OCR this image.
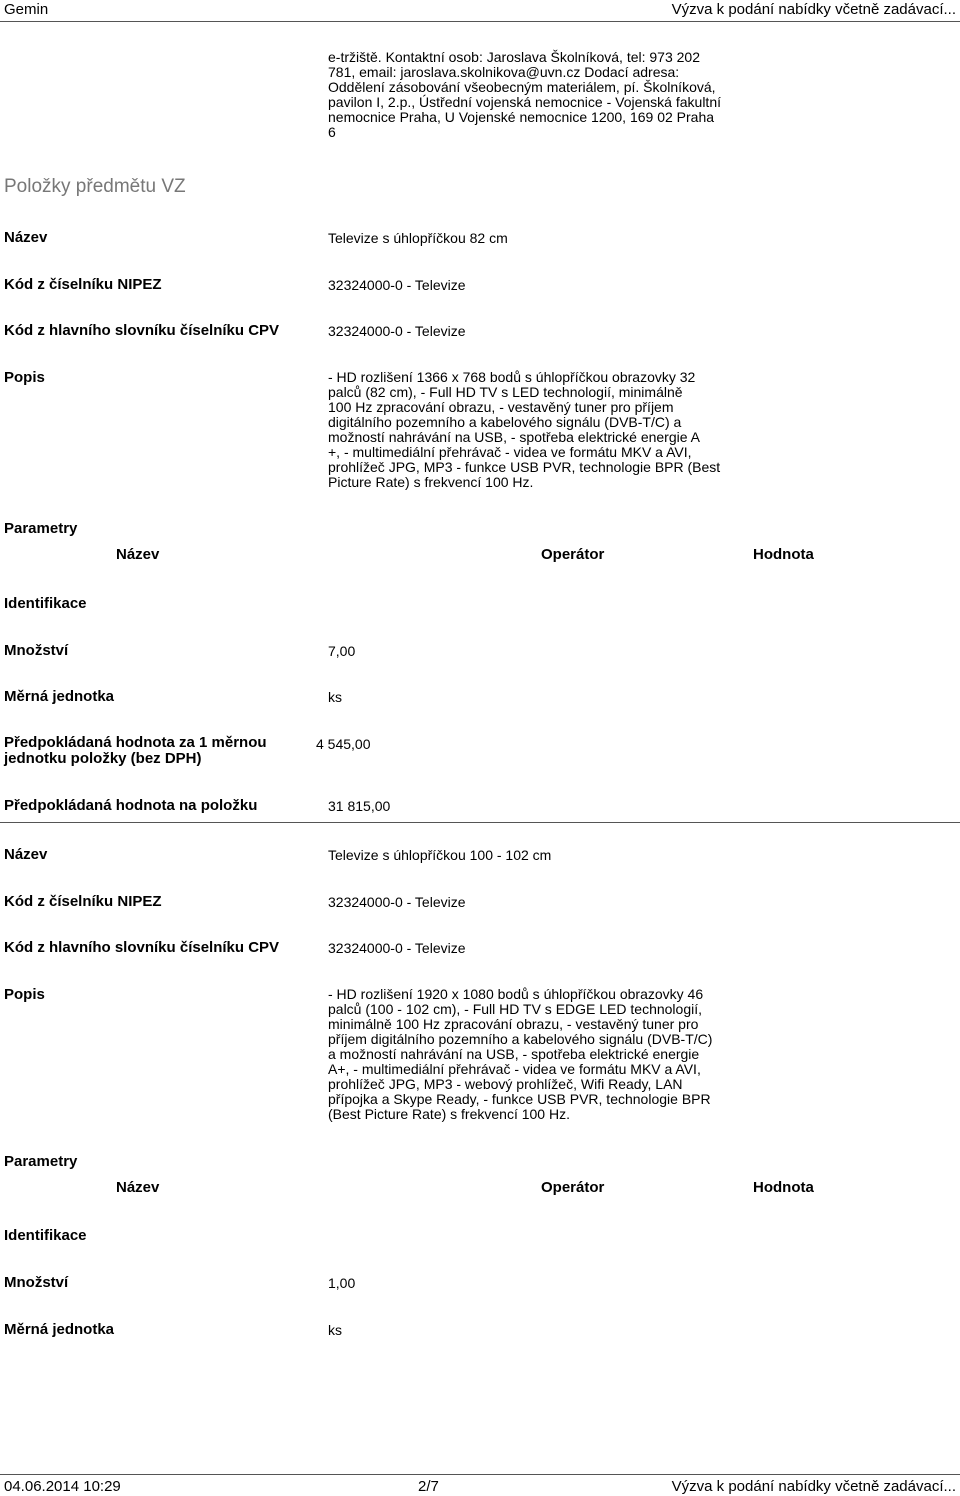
Gemin	Výzva k podání nabídky včetně zadávací...
e-tržiště. Kontaktní osob: Jaroslava Školníková, tel: 973 202
781, email: jaroslava.skolnikova@uvn.cz Dodací adresa:
Oddělení zásobování všeobecným materiálem, pí. Školníková,
pavilon I, 2.p., Ústřední vojenská nemocnice - Vojenská fakultní
nemocnice Praha, U Vojenské nemocnice 1200, 169 02 Praha
6
Položky předmětu VZ
Název	Televize s úhlopříčkou 82 cm
Kód z číselníku NIPEZ	32324000-0 - Televize
Kód z hlavního slovníku číselníku CPV	32324000-0 - Televize
Popis	- HD rozlišení 1366 x 768 bodů s úhlopříčkou obrazovky 32
palců (82 cm), - Full HD TV s LED technologií, minimálně
100 Hz zpracování obrazu, - vestavěný tuner pro příjem
digitálního pozemního a kabelového signálu (DVB-T/C) a
možností nahrávání na USB, - spotřeba elektrické energie A
+, - multimediální přehrávač - videa ve formátu MKV a AVI,
prohlížeč JPG, MP3 - funkce USB PVR, technologie BPR (Best
Picture Rate) s frekvencí 100 Hz.
Parametry
Název	Operátor	Hodnota
Identifikace
Množství	7,00
Měrná jednotka	ks
Předpokládaná hodnota za 1 měrnou jednotku položky (bez DPH)
4 545,00
Předpokládaná hodnota na položku	31 815,00
Název	Televize s úhlopříčkou 100 - 102 cm
Kód z číselníku NIPEZ	32324000-0 - Televize
Kód z hlavního slovníku číselníku CPV	32324000-0 - Televize
Popis	- HD rozlišení 1920 x 1080 bodů s úhlopříčkou obrazovky 46
palců (100 - 102 cm), - Full HD TV s EDGE LED technologií,
minimálně 100 Hz zpracování obrazu, - vestavěný tuner pro
příjem digitálního pozemního a kabelového signálu (DVB-T/C)
a možností nahrávání na USB, - spotřeba elektrické energie
A+, - multimediální přehrávač - videa ve formátu MKV a AVI,
prohlížeč JPG, MP3 - webový prohlížeč, Wifi Ready, LAN
přípojka a Skype Ready, - funkce USB PVR, technologie BPR
(Best Picture Rate) s frekvencí 100 Hz.
Parametry
Název	Operátor	Hodnota
Identifikace
Množství	1,00
Měrná jednotka	ks
04.06.2014 10:29	2/7	Výzva k podání nabídky včetně zadávací...
